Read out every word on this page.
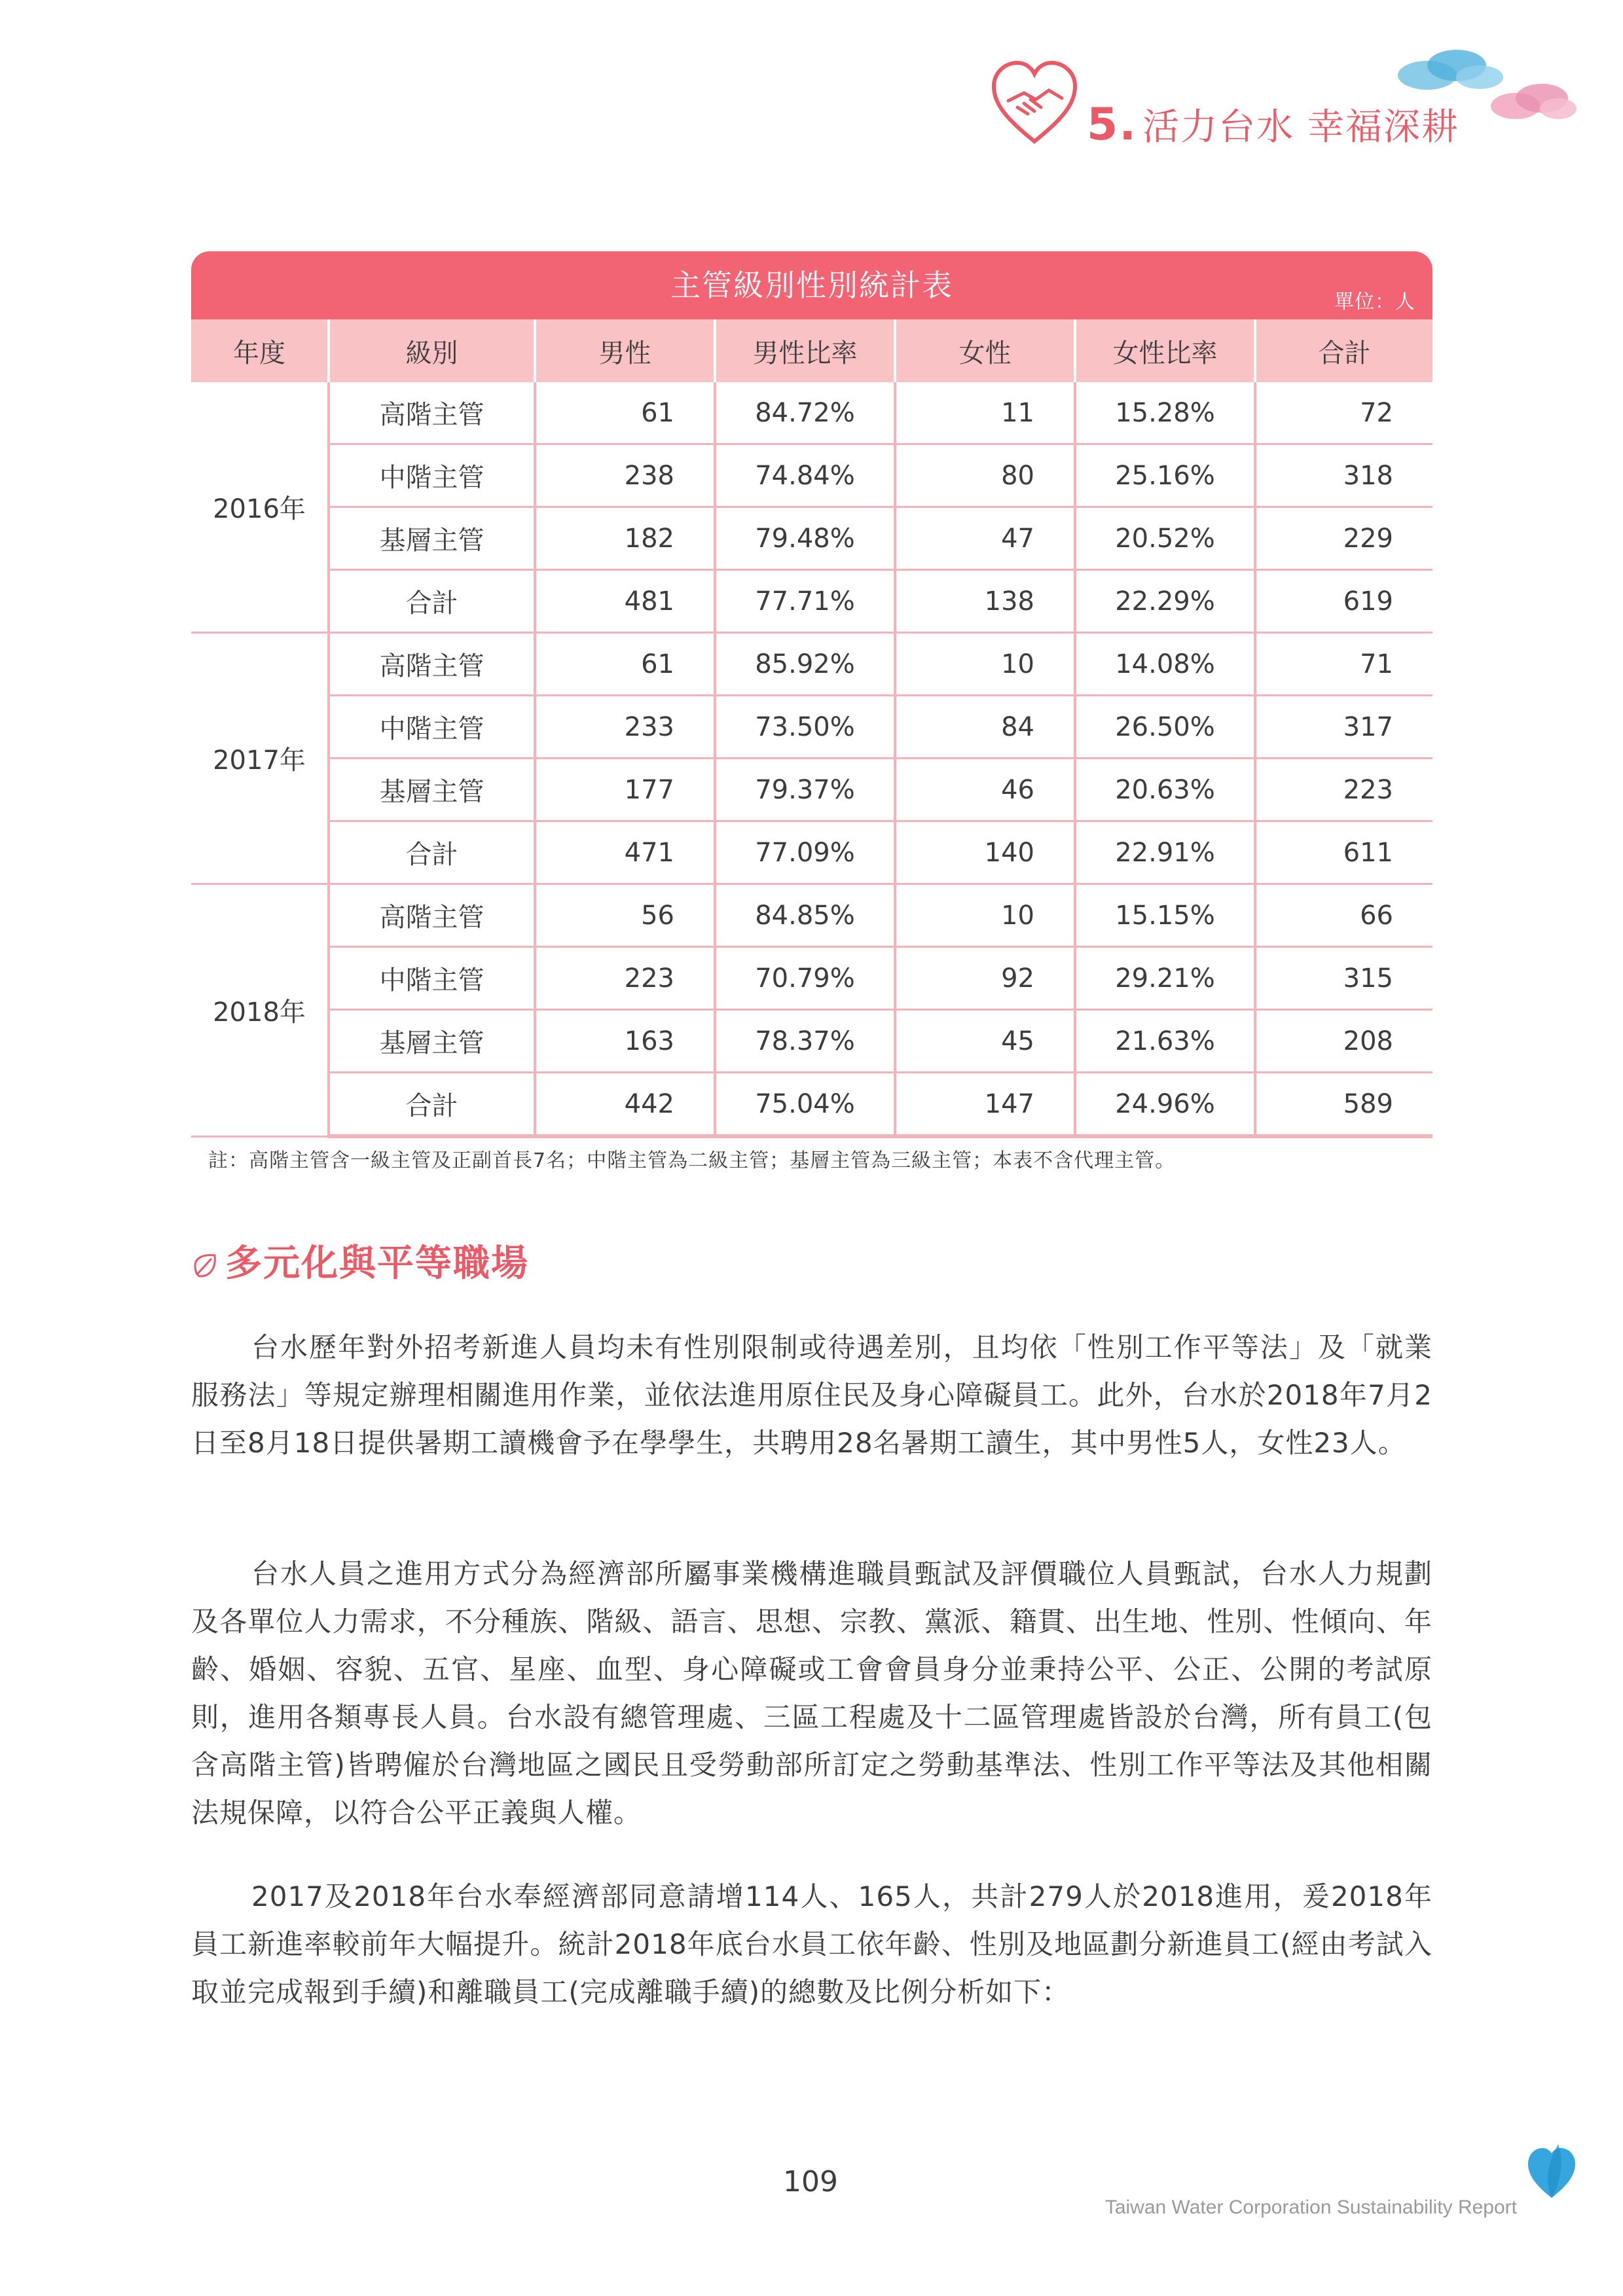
5. 活力台水 幸福深耕
主管級別性別統計表	單位：人
年度	級別	男性	男性比率	女性	女性比率	合計
2016年	高階主管	61	84.72%	11	15.28%	72
	中階主管	238	74.84%	80	25.16%	318
	基層主管	182	79.48%	47	20.52%	229
	合計	481	77.71%	138	22.29%	619
2017年	高階主管	61	85.92%	10	14.08%	71
	中階主管	233	73.50%	84	26.50%	317
	基層主管	177	79.37%	46	20.63%	223
	合計	471	77.09%	140	22.91%	611
2018年	高階主管	56	84.85%	10	15.15%	66
	中階主管	223	70.79%	92	29.21%	315
	基層主管	163	78.37%	45	21.63%	208
	合計	442	75.04%	147	24.96%	589
註：高階主管含一級主管及正副首長7名；中階主管為二級主管；基層主管為三級主管；本表不含代理主管。
多元化與平等職場

台水歷年對外招考新進人員均未有性別限制或待遇差別，且均依「性別工作平等法」及「就業服務法」等規定辦理相關進用作業，並依法進用原住民及身心障礙員工。此外，台水於2018年7月2日至8月18日提供暑期工讀機會予在學學生，共聘用28名暑期工讀生，其中男性5人，女性23人。

台水人員之進用方式分為經濟部所屬事業機構進職員甄試及評價職位人員甄試，台水人力規劃及各單位人力需求，不分種族、階級、語言、思想、宗教、黨派、籍貫、出生地、性別、性傾向、年齡、婚姻、容貌、五官、星座、血型、身心障礙或工會會員身分並秉持公平、公正、公開的考試原則，進用各類專長人員。台水設有總管理處、三區工程處及十二區管理處皆設於台灣，所有員工(包含高階主管)皆聘僱於台灣地區之國民且受勞動部所訂定之勞動基準法、性別工作平等法及其他相關法規保障，以符合公平正義與人權。

2017及2018年台水奉經濟部同意請增114人、165人，共計279人於2018進用，爰2018年員工新進率較前年大幅提升。統計2018年底台水員工依年齡、性別及地區劃分新進員工(經由考試入取並完成報到手續)和離職員工(完成離職手續)的總數及比例分析如下：

109
Taiwan Water Corporation Sustainability Report
